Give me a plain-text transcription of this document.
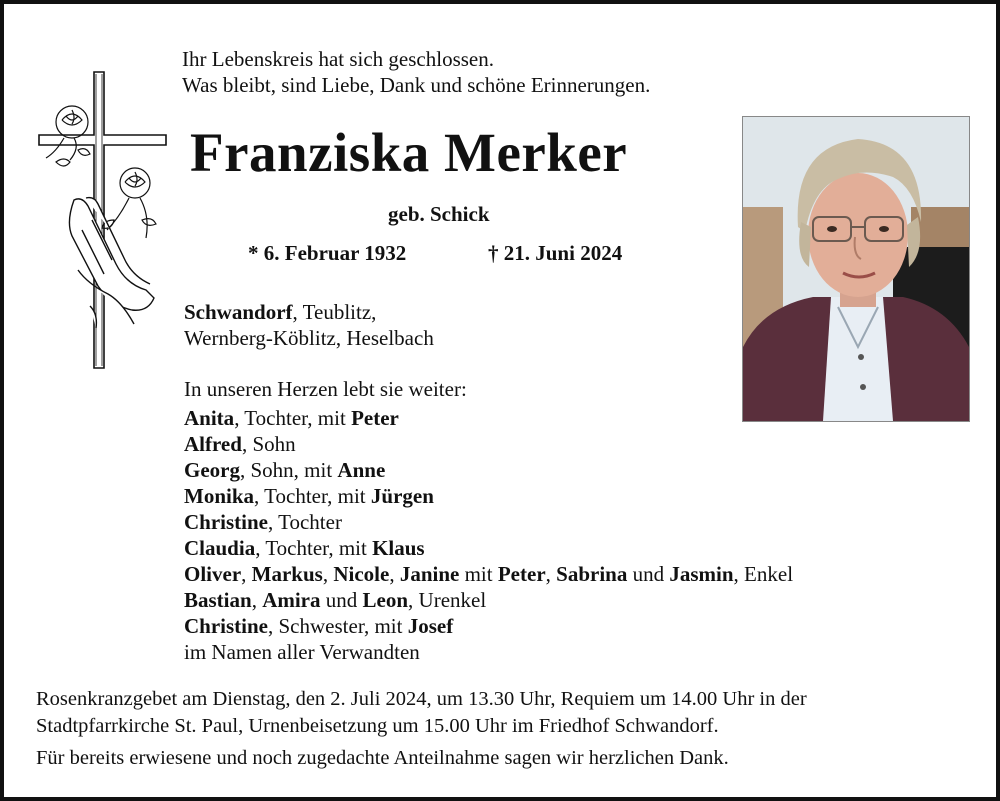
Ihr Lebenskreis hat sich geschlossen.
Was bleibt, sind Liebe, Dank und schöne Erinnerungen.
Franziska Merker
geb. Schick
* 6. Februar 1932	† 21. Juni 2024
Schwandorf, Teublitz,
Wernberg-Köblitz, Heselbach
In unseren Herzen lebt sie weiter:
Anita, Tochter, mit Peter
Alfred, Sohn
Georg, Sohn, mit Anne
Monika, Tochter, mit Jürgen
Christine, Tochter
Claudia, Tochter, mit Klaus
Oliver, Markus, Nicole, Janine mit Peter, Sabrina und Jasmin, Enkel
Bastian, Amira und Leon, Urenkel
Christine, Schwester, mit Josef
im Namen aller Verwandten
Rosenkranzgebet am Dienstag, den 2. Juli 2024, um 13.30 Uhr, Requiem um 14.00 Uhr in der
Stadtpfarrkirche St. Paul, Urnenbeisetzung um 15.00 Uhr im Friedhof Schwandorf.
Für bereits erwiesene und noch zugedachte Anteilnahme sagen wir herzlichen Dank.
